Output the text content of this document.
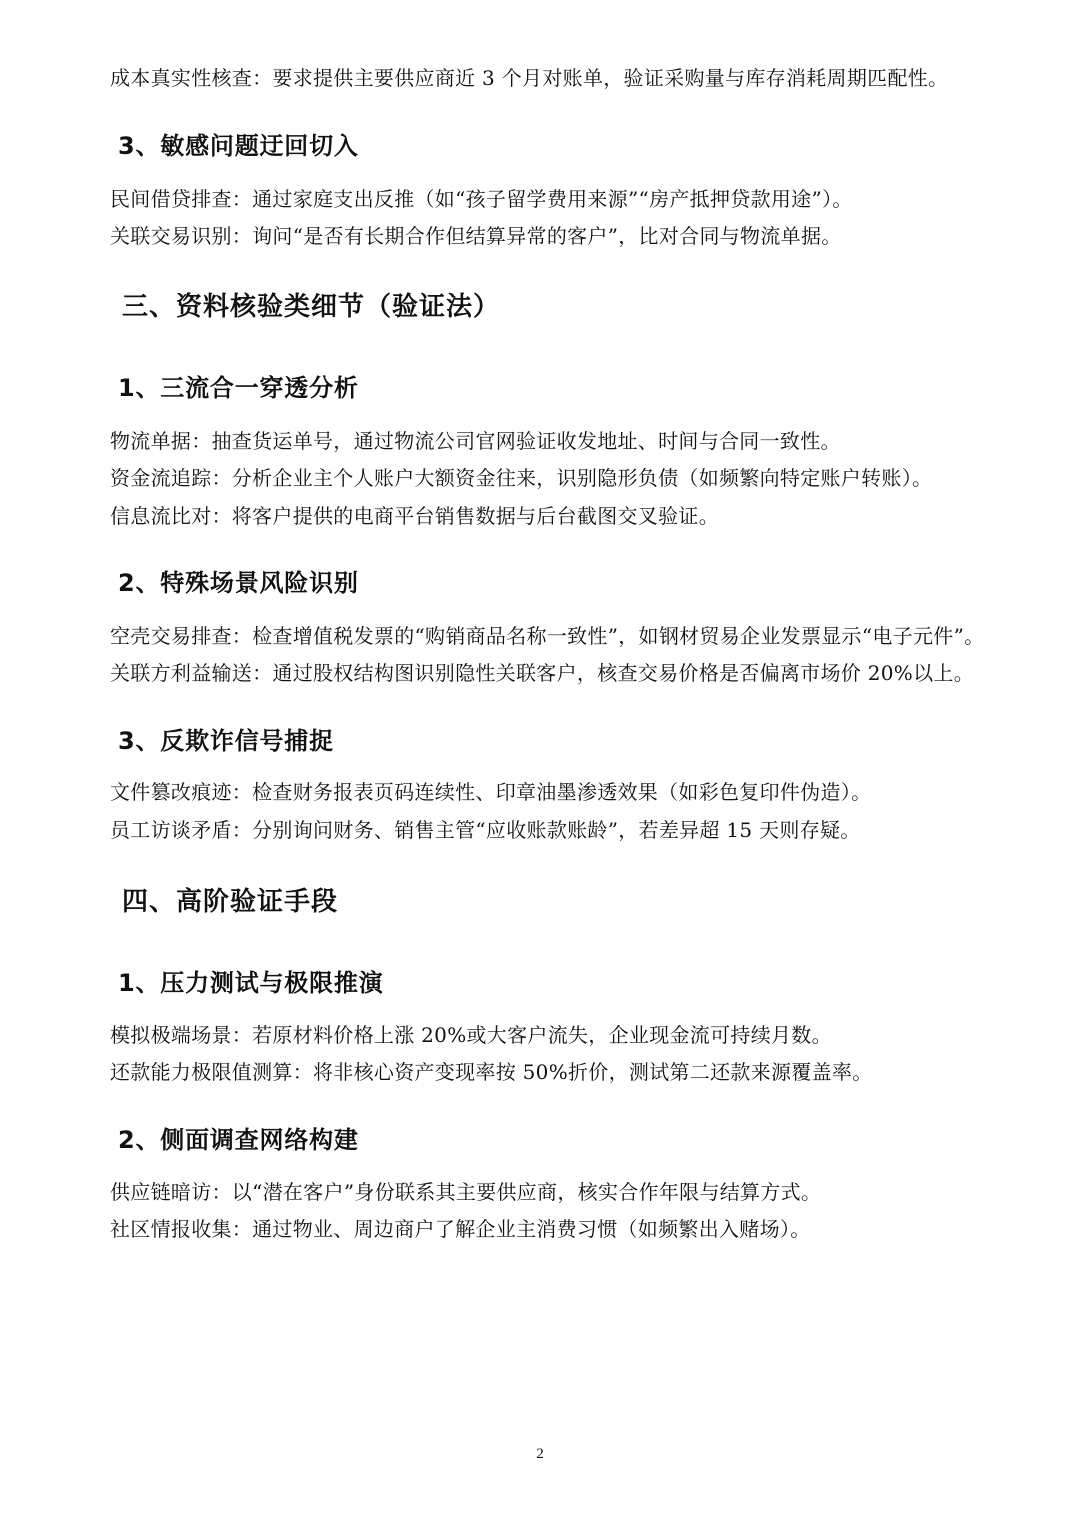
成本真实性核查：要求提供主要供应商近 3 个月对账单，验证采购量与库存消耗周期匹配性。
3、敏感问题迂回切入
民间借贷排查：通过家庭支出反推（如“孩子留学费用来源”“房产抵押贷款用途”）。
关联交易识别：询问“是否有长期合作但结算异常的客户”，比对合同与物流单据。
三、资料核验类细节（验证法）
1、三流合一穿透分析
物流单据：抽查货运单号，通过物流公司官网验证收发地址、时间与合同一致性。
资金流追踪：分析企业主个人账户大额资金往来，识别隐形负债（如频繁向特定账户转账）。
信息流比对：将客户提供的电商平台销售数据与后台截图交叉验证。
2、特殊场景风险识别
空壳交易排查：检查增值税发票的“购销商品名称一致性”，如钢材贸易企业发票显示“电子元件”。
关联方利益输送：通过股权结构图识别隐性关联客户，核查交易价格是否偏离市场价 20%以上。
3、反欺诈信号捕捉
文件篡改痕迹：检查财务报表页码连续性、印章油墨渗透效果（如彩色复印件伪造）。
员工访谈矛盾：分别询问财务、销售主管“应收账款账龄”，若差异超 15 天则存疑。
四、高阶验证手段
1、压力测试与极限推演
模拟极端场景：若原材料价格上涨 20%或大客户流失，企业现金流可持续月数。
还款能力极限值测算：将非核心资产变现率按 50%折价，测试第二还款来源覆盖率。
2、侧面调查网络构建
供应链暗访：以“潜在客户”身份联系其主要供应商，核实合作年限与结算方式。
社区情报收集：通过物业、周边商户了解企业主消费习惯（如频繁出入赌场）。
2
